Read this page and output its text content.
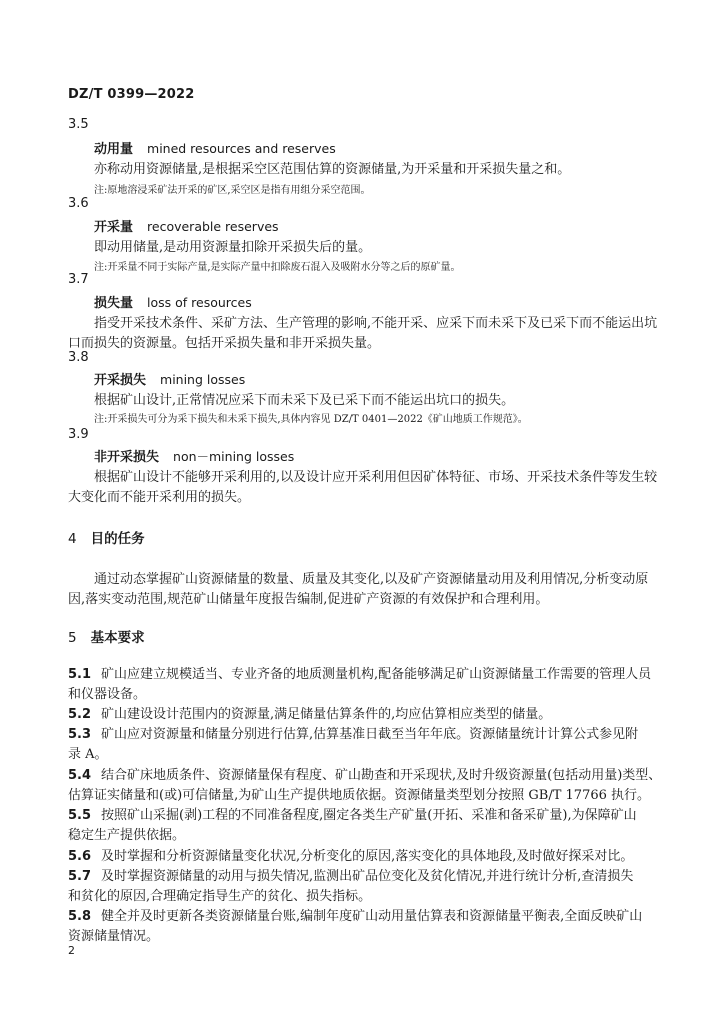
DZ/T 0399—2022
3.5
动用量 mined resources and reserves
亦称动用资源储量,是根据采空区范围估算的资源储量,为开采量和开采损失量之和。
注:原地溶浸采矿法开采的矿区,采空区是指有用组分采空范围。
3.6
开采量 recoverable reserves
即动用储量,是动用资源量扣除开采损失后的量。
注:开采量不同于实际产量,是实际产量中扣除废石混入及吸附水分等之后的原矿量。
3.7
损失量 loss of resources
指受开采技术条件、采矿方法、生产管理的影响,不能开采、应采下而未采下及已采下而不能运出坑
口而损失的资源量。包括开采损失量和非开采损失量。
3.8
开采损失 mining losses
根据矿山设计,正常情况应采下而未采下及已采下而不能运出坑口的损失。
注:开采损失可分为采下损失和未采下损失,具体内容见 DZ/T 0401—2022《矿山地质工作规范》。
3.9
非开采损失 non－mining losses
根据矿山设计不能够开采利用的,以及设计应开采利用但因矿体特征、市场、开采技术条件等发生较
大变化而不能开采利用的损失。
4 目的任务
通过动态掌握矿山资源储量的数量、质量及其变化,以及矿产资源储量动用及利用情况,分析变动原
因,落实变动范围,规范矿山储量年度报告编制,促进矿产资源的有效保护和合理利用。
5 基本要求
5.1 矿山应建立规模适当、专业齐备的地质测量机构,配备能够满足矿山资源储量工作需要的管理人员
和仪器设备。
5.2 矿山建设设计范围内的资源量,满足储量估算条件的,均应估算相应类型的储量。
5.3 矿山应对资源量和储量分别进行估算,估算基准日截至当年年底。资源储量统计计算公式参见附
录 A。
5.4 结合矿床地质条件、资源储量保有程度、矿山勘查和开采现状,及时升级资源量(包括动用量)类型、
估算证实储量和(或)可信储量,为矿山生产提供地质依据。资源储量类型划分按照 GB/T 17766 执行。
5.5 按照矿山采掘(剥)工程的不同准备程度,圈定各类生产矿量(开拓、采准和备采矿量),为保障矿山
稳定生产提供依据。
5.6 及时掌握和分析资源储量变化状况,分析变化的原因,落实变化的具体地段,及时做好探采对比。
5.7 及时掌握资源储量的动用与损失情况,监测出矿品位变化及贫化情况,并进行统计分析,查清损失
和贫化的原因,合理确定指导生产的贫化、损失指标。
5.8 健全并及时更新各类资源储量台账,编制年度矿山动用量估算表和资源储量平衡表,全面反映矿山
资源储量情况。
2
